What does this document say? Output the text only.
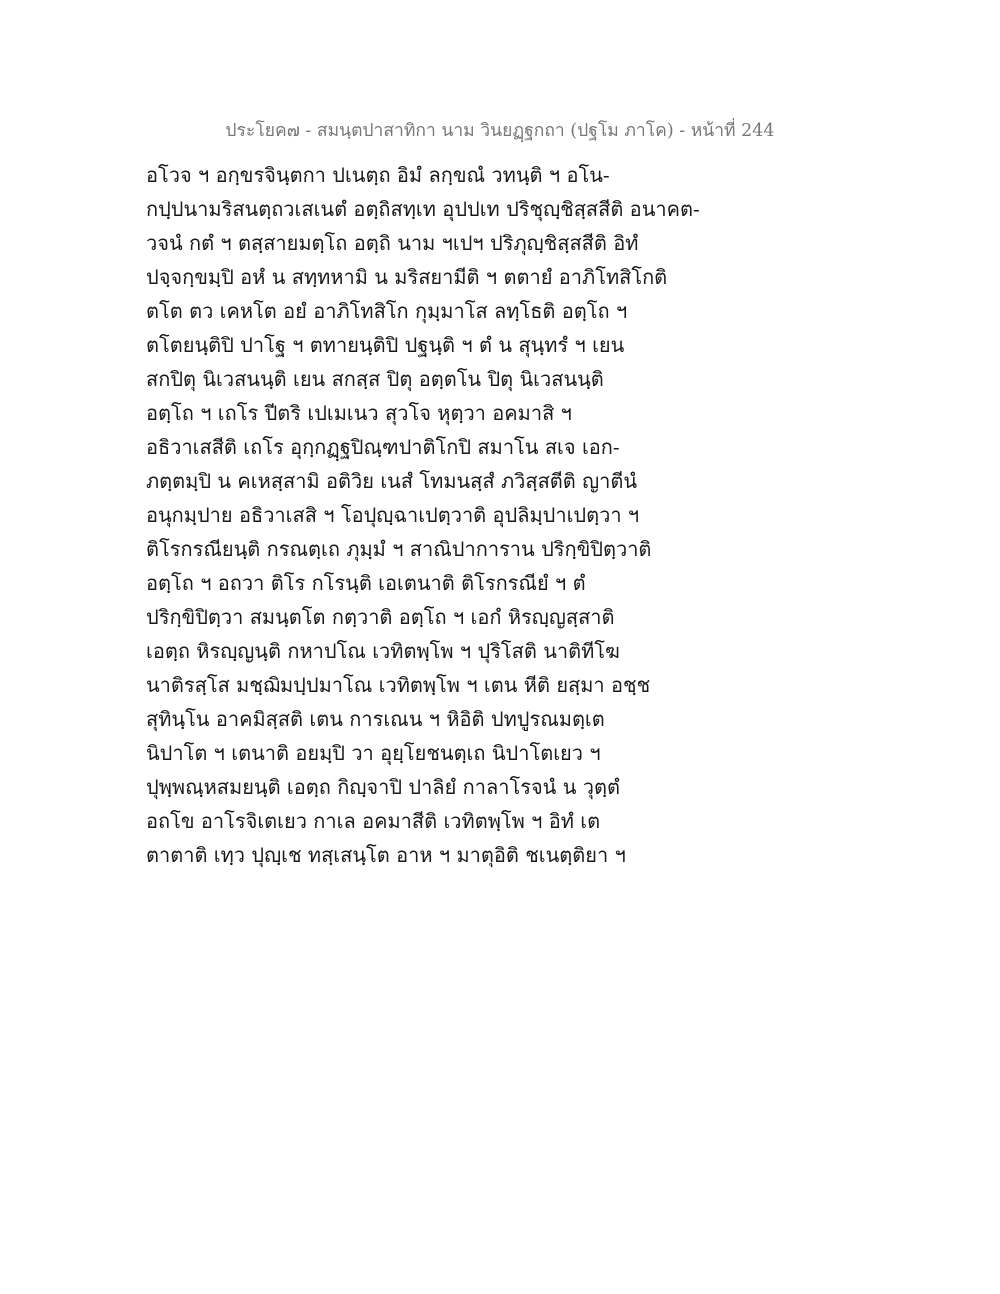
ประโยค๗ - สมนฺตปาสาทิกา นาม วินยฏฺฐกถา (ปฐโม ภาโค) - หน้าที่ 244
อโวจ ฯ อกฺขรจินฺตกา ปเนตฺถ อิมํ ลกฺขณํ วทนฺติ ฯ อโน-
กปฺปนามริสนตฺถวเสเนตํ อตฺถิสทฺเท อุปปเท ปริชุญฺชิสฺสสีติ อนาคต-
วจนํ กตํ ฯ ตสฺสายมตฺโถ อตฺถิ นาม ฯเปฯ ปริภุญฺชิสฺสสีติ อิทํ
ปจฺจกฺขมฺปิ อหํ น สทฺทหามิ น มริสยามีติ ฯ ตตายํ อาภิโทสิโกติ
ตโต ตว เคหโต อยํ อาภิโทสิโก กุมฺมาโส ลทฺโธติ อตฺโถ ฯ
ตโตยนฺติปิ ปาโฐ ฯ ตทายนฺติปิ ปฐนฺติ ฯ ตํ น สุนฺทรํ ฯ เยน
สกปิตุ นิเวสนนฺติ เยน สกสฺส ปิตุ อตฺตโน ปิตุ นิเวสนนฺติ
อตฺโถ ฯ เถโร ปีตริ เปเมเนว สุวโจ หุตฺวา อคมาสิ ฯ
อธิวาเสสีติ เถโร อุกฺกฏฺฐปิณฺฑปาติโกปิ สมาโน สเจ เอก-
ภตฺตมฺปิ น คเหสฺสามิ อติวิย เนสํ โทมนสฺสํ ภวิสฺสตีติ ญาตีนํ
อนุกมฺปาย อธิวาเสสิ ฯ โอปุญฺฉาเปตฺวาติ อุปลิมฺปาเปตฺวา ฯ
ติโรกรณียนฺติ กรณตฺเถ ภุมฺมํ ฯ สาณิปาการาน ปริกฺขิปิตฺวาติ
อตฺโถ ฯ อถวา ติโร กโรนฺติ เอเตนาติ ติโรกรณียํ ฯ ตํ
ปริกฺขิปิตฺวา สมนฺตโต กตฺวาติ อตฺโถ ฯ เอกํ หิรญฺญสฺสาติ
เอตฺถ หิรญฺญนฺติ กหาปโณ เวทิตพฺโพ ฯ ปุริโสติ นาติทีโฆ
นาติรสฺโส มชฺฌิมปฺปมาโณ เวทิตพฺโพ ฯ เตน หีติ ยสฺมา อชฺช
สุทินฺโน อาคมิสฺสติ เตน การเณน ฯ หิอิติ ปทปูรณมตฺเต
นิปาโต ฯ เตนาติ อยมฺปิ วา อุยฺโยชนตฺเถ นิปาโตเยว ฯ
ปุพฺพณฺหสมยนฺติ เอตฺถ กิญฺจาปิ ปาลิยํ กาลาโรจนํ น วุตฺตํ
อถโข อาโรจิเตเยว กาเล อคมาสีติ เวทิตพฺโพ ฯ อิทํ เต
ตาตาติ เทฺว ปุญฺเช ทสฺเสนฺโต อาห ฯ มาตุอิติ ชเนตฺติยา ฯ
